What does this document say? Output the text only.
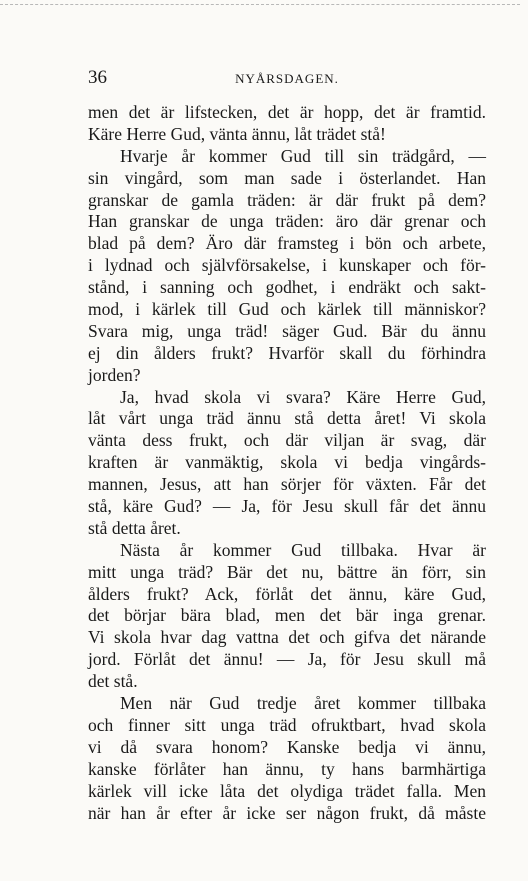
36	NYÅRSDAGEN.
men det är lifstecken, det är hopp, det är framtid.
Käre Herre Gud, vänta ännu, låt trädet stå!
Hvarje år kommer Gud till sin trädgård, —
sin vingård, som man sade i österlandet. Han
granskar de gamla träden: är där frukt på dem?
Han granskar de unga träden: äro där grenar och
blad på dem? Äro där framsteg i bön och arbete,
i lydnad och självförsakelse, i kunskaper och för-
stånd, i sanning och godhet, i endräkt och sakt-
mod, i kärlek till Gud och kärlek till människor?
Svara mig, unga träd! säger Gud. Bär du ännu
ej din ålders frukt? Hvarför skall du förhindra
jorden?
Ja, hvad skola vi svara? Käre Herre Gud,
låt vårt unga träd ännu stå detta året! Vi skola
vänta dess frukt, och där viljan är svag, där
kraften är vanmäktig, skola vi bedja vingårds-
mannen, Jesus, att han sörjer för växten. Får det
stå, käre Gud? — Ja, för Jesu skull får det ännu
stå detta året.
Nästa år kommer Gud tillbaka. Hvar är
mitt unga träd? Bär det nu, bättre än förr, sin
ålders frukt? Ack, förlåt det ännu, käre Gud,
det börjar bära blad, men det bär inga grenar.
Vi skola hvar dag vattna det och gifva det närande
jord. Förlåt det ännu! — Ja, för Jesu skull må
det stå.
Men när Gud tredje året kommer tillbaka
och finner sitt unga träd ofruktbart, hvad skola
vi då svara honom? Kanske bedja vi ännu,
kanske förlåter han ännu, ty hans barmhärtiga
kärlek vill icke låta det olydiga trädet falla. Men
när han år efter år icke ser någon frukt, då måste
